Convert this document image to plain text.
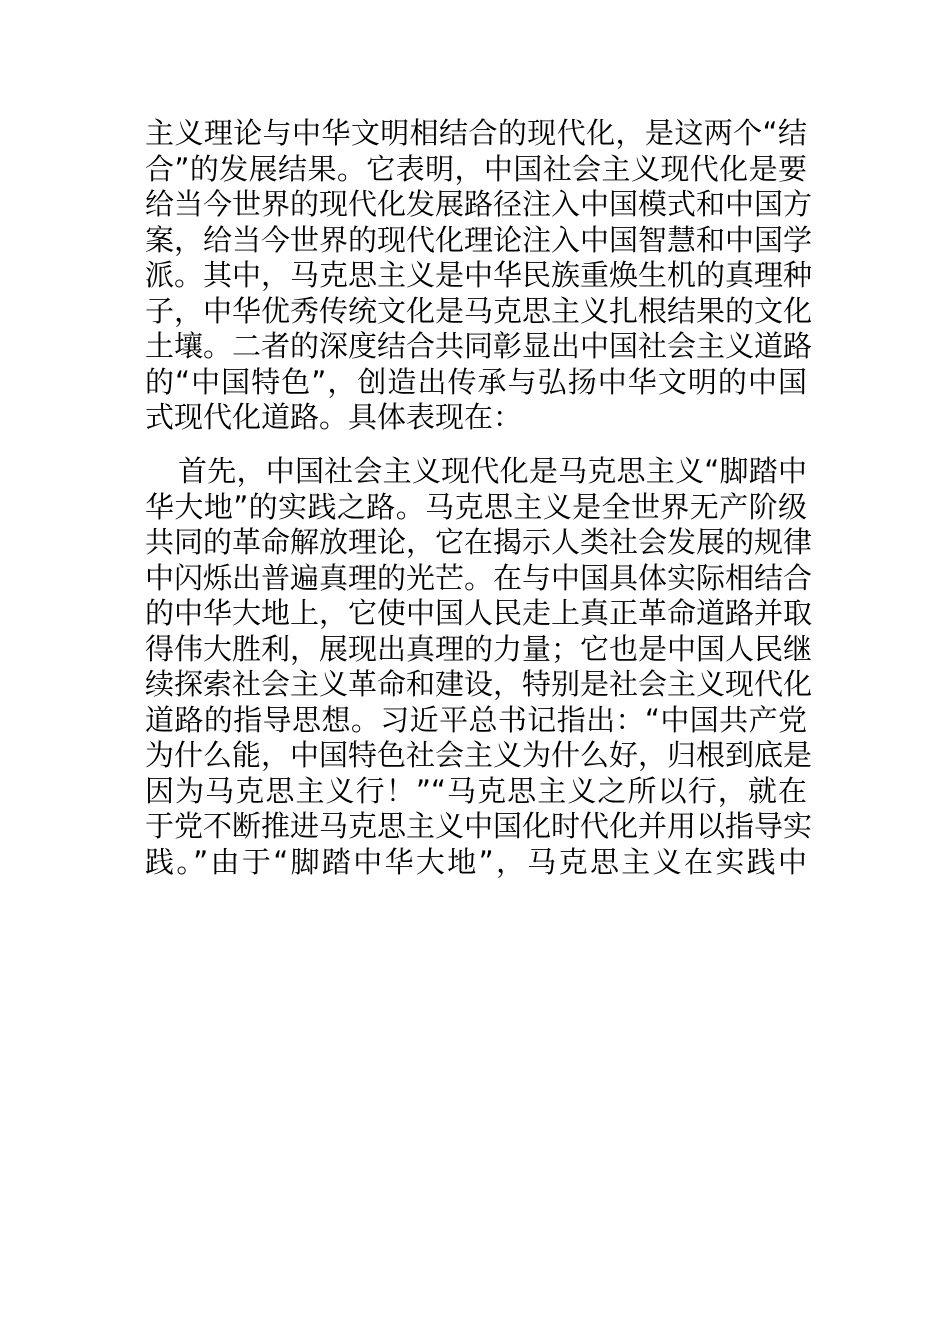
主义理论与中华文明相结合的现代化，是这两个“结
合”的发展结果。它表明，中国社会主义现代化是要
给当今世界的现代化发展路径注入中国模式和中国方
案，给当今世界的现代化理论注入中国智慧和中国学
派。其中，马克思主义是中华民族重焕生机的真理种
子，中华优秀传统文化是马克思主义扎根结果的文化
土壤。二者的深度结合共同彰显出中国社会主义道路
的“中国特色”，创造出传承与弘扬中华文明的中国
式现代化道路。具体表现在：
首先，中国社会主义现代化是马克思主义“脚踏中
华大地”的实践之路。马克思主义是全世界无产阶级
共同的革命解放理论，它在揭示人类社会发展的规律
中闪烁出普遍真理的光芒。在与中国具体实际相结合
的中华大地上，它使中国人民走上真正革命道路并取
得伟大胜利，展现出真理的力量；它也是中国人民继
续探索社会主义革命和建设，特别是社会主义现代化
道路的指导思想。习近平总书记指出：“中国共产党
为什么能，中国特色社会主义为什么好，归根到底是
因为马克思主义行！”“马克思主义之所以行，就在
于党不断推进马克思主义中国化时代化并用以指导实
践。”由于“脚踏中华大地”，马克思主义在实践中
